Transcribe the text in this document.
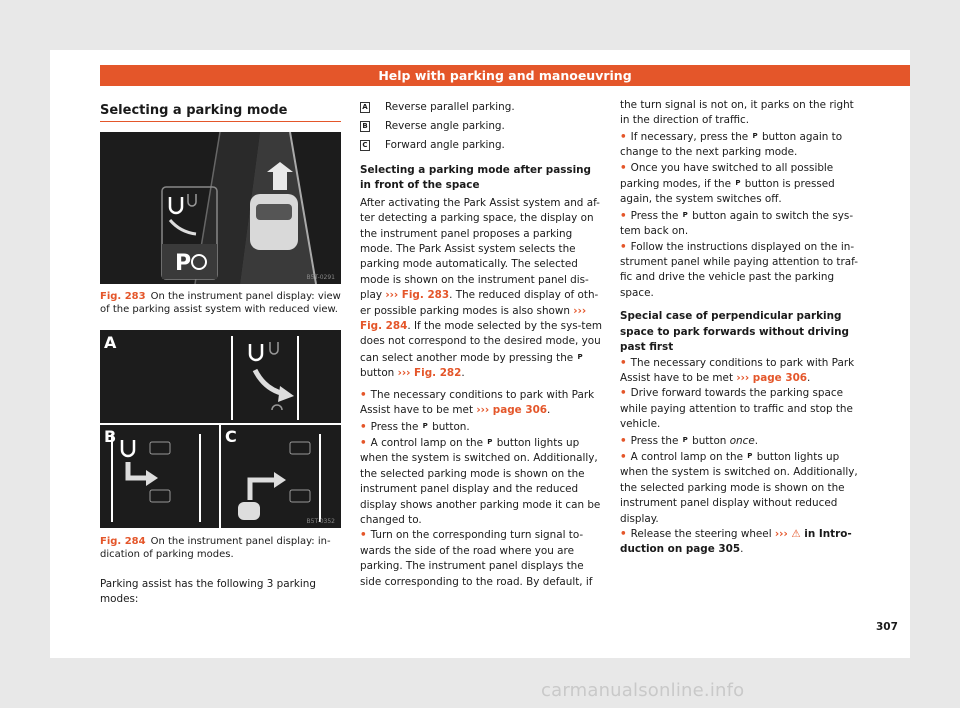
Help with parking and manoeuvring
Selecting a parking mode
P
B5T-0291
Fig. 283 On the instrument panel display: view of the parking assist system with reduced view.
A
B	C
B5T-0352
Fig. 284 On the instrument panel display: in-dication of parking modes.

Parking assist has the following 3 parking modes:

A Reverse parallel parking.
B Reverse angle parking.
C Forward angle parking.

Selecting a parking mode after passing in front of the space

After activating the Park Assist system and af-ter detecting a parking space, the display on the instrument panel proposes a parking mode. The Park Assist system selects the parking mode automatically. The selected mode is shown on the instrument panel dis-play ››› Fig. 283. The reduced display of oth-er possible parking modes is also shown ››› Fig. 284. If the mode selected by the sys-tem does not correspond to the desired mode, you can select another mode by pressing the P button ››› Fig. 282.

• The necessary conditions to park with Park Assist have to be met ››› page 306.

• Press the P button.

• A control lamp on the P button lights up when the system is switched on. Additionally, the selected parking mode is shown on the instrument panel display and the reduced display shows another parking mode it can be changed to.

• Turn on the corresponding turn signal to-wards the side of the road where you are parking. The instrument panel displays the side corresponding to the road. By default, if

the turn signal is not on, it parks on the right in the direction of traffic.

• If necessary, press the P button again to change to the next parking mode.

• Once you have switched to all possible parking modes, if the P button is pressed again, the system switches off.

• Press the P button again to switch the sys-tem back on.

• Follow the instructions displayed on the in-strument panel while paying attention to traf-fic and drive the vehicle past the parking space.

Special case of perpendicular parking space to park forwards without driving past first

• The necessary conditions to park with Park Assist have to be met ››› page 306.

• Drive forward towards the parking space while paying attention to traffic and stop the vehicle.

• Press the P button once.

• A control lamp on the P button lights up when the system is switched on. Additionally, the selected parking mode is shown on the instrument panel display without reduced display.

• Release the steering wheel ››› ⚠ in Intro-duction on page 305.

307
carmanualsonline.info
